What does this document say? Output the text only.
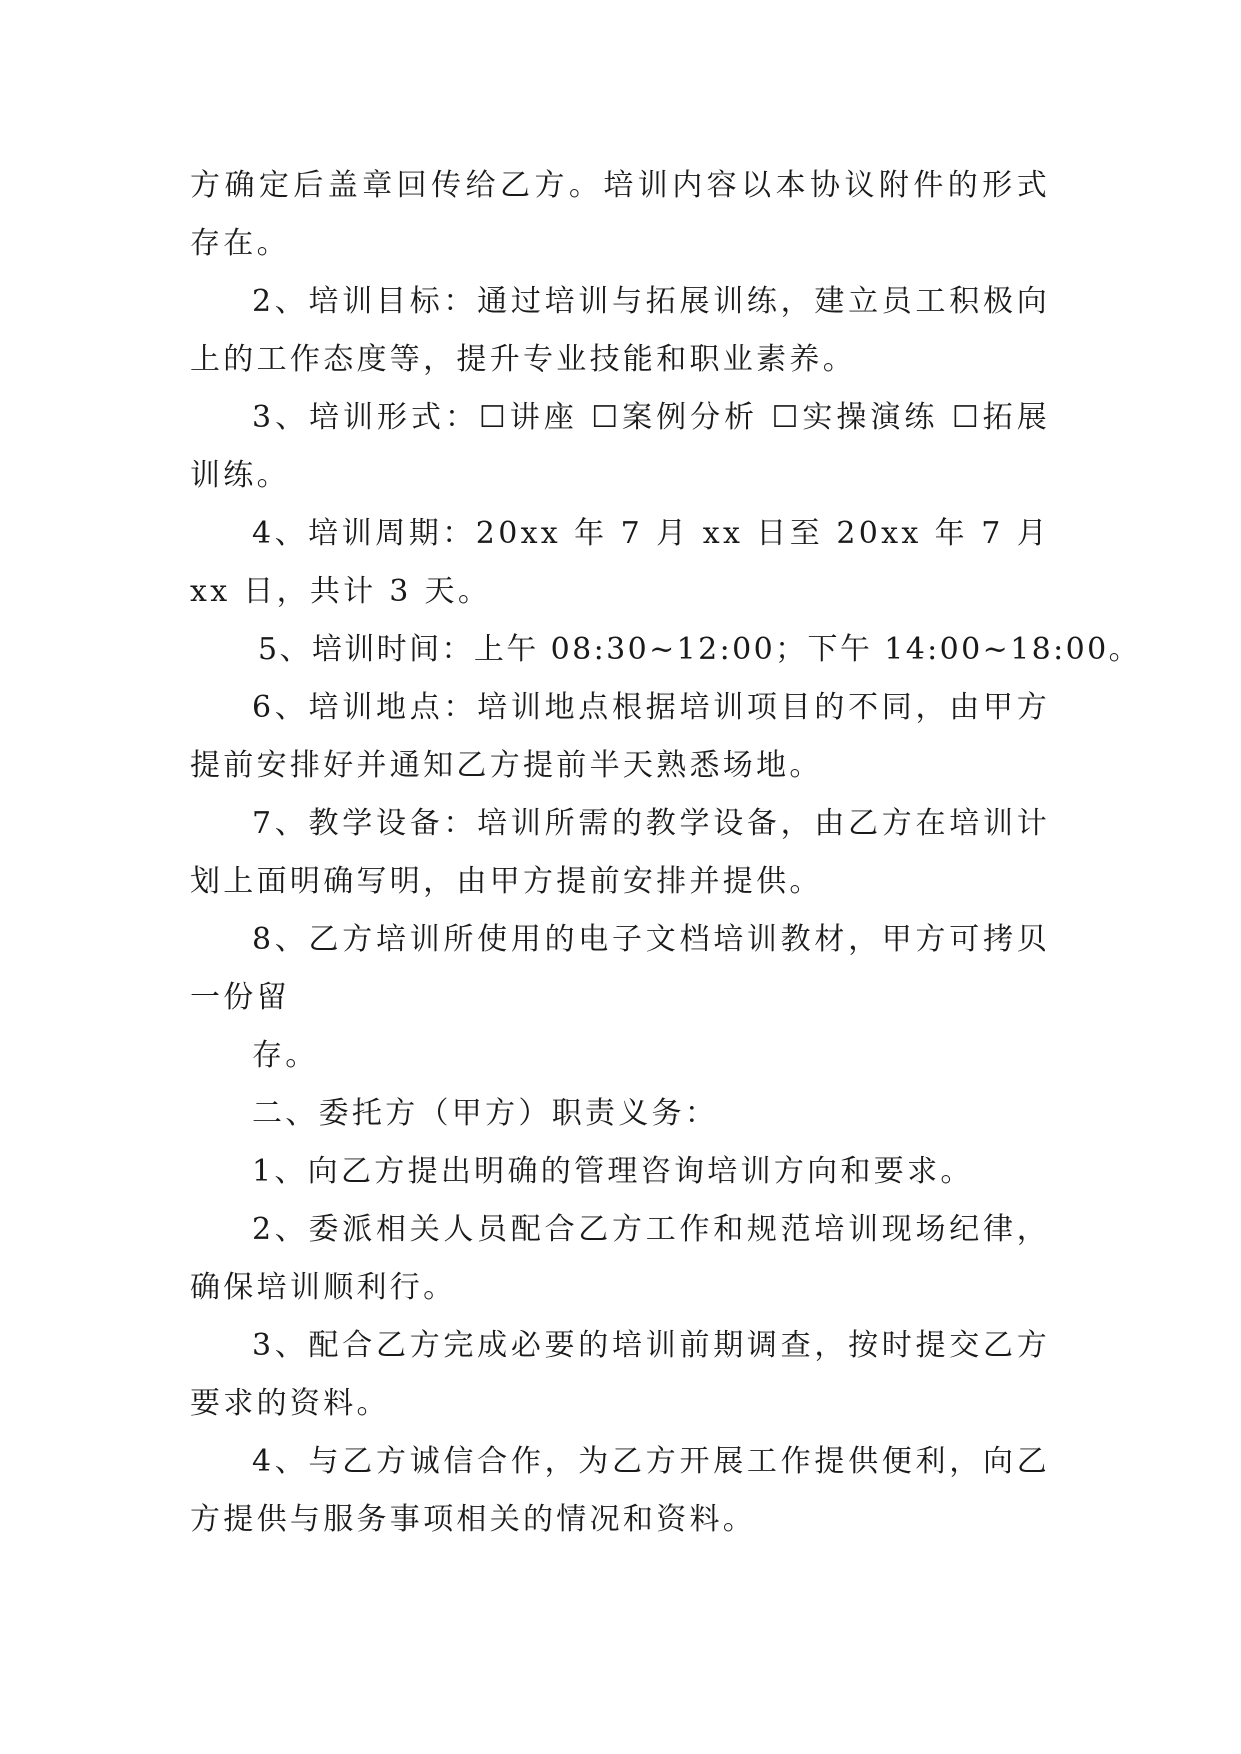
方确定后盖章回传给乙方。培训内容以本协议附件的形式存在。

2、培训目标：通过培训与拓展训练，建立员工积极向上的工作态度等，提升专业技能和职业素养。

3、培训形式：☐讲座 ☐案例分析 ☐实操演练 ☐拓展训练。

4、培训周期：20xx 年 7 月 xx 日至 20xx 年 7 月 xx 日，共计 3 天。

5、培训时间：上午 08:30~12:00；下午 14:00~18:00。

6、培训地点：培训地点根据培训项目的不同，由甲方提前安排好并通知乙方提前半天熟悉场地。

7、教学设备：培训所需的教学设备，由乙方在培训计划上面明确写明，由甲方提前安排并提供。

8、乙方培训所使用的电子文档培训教材，甲方可拷贝一份留

存。

二、委托方（甲方）职责义务：

1、向乙方提出明确的管理咨询培训方向和要求。

2、委派相关人员配合乙方工作和规范培训现场纪律，确保培训顺利行。

3、配合乙方完成必要的培训前期调查，按时提交乙方要求的资料。

4、与乙方诚信合作，为乙方开展工作提供便利，向乙方提供与服务事项相关的情况和资料。
